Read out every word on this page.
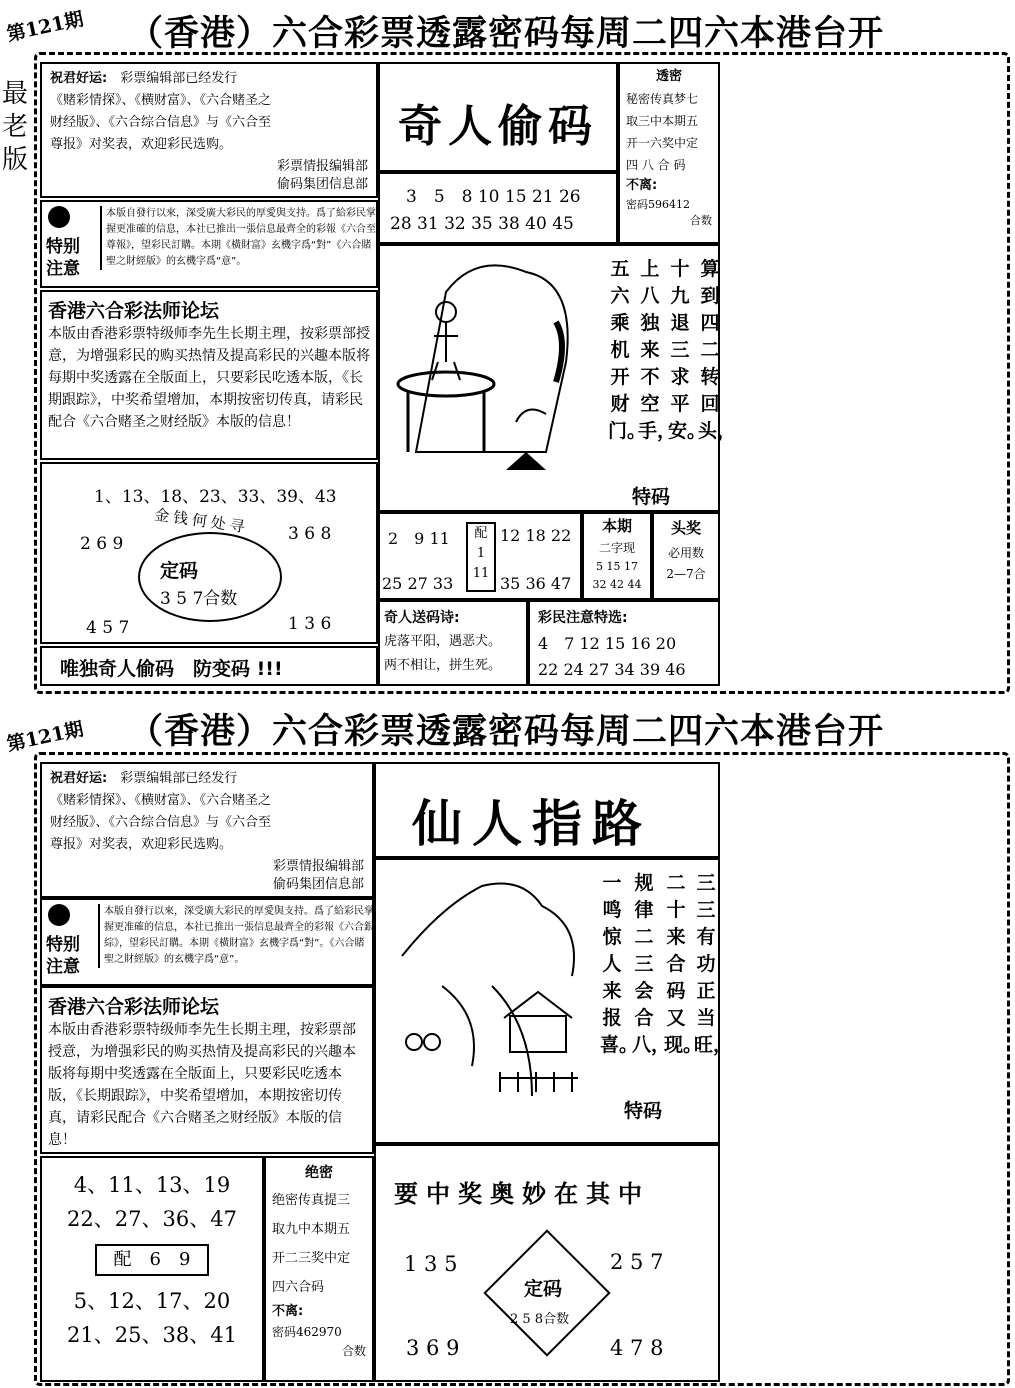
第121期 （香港）六合彩票透露密码每周二四六本港台开
最老版
祝君好运:　 彩票编辑部已经发行
《赌彩情探》、《横财富》、《六合赌圣之
财经版》、《六合综合信息》与《六合至
尊报》对奖表，欢迎彩民选购。
彩票情报编辑部
偷码集团信息部
特别注意
本版自發行以來，深受廣大彩民的厚愛與支持。爲了給彩民掌握更准確的信息，本社已推出一張信息最齊全的彩報《六合至尊報》，望彩民訂購。本期《橫財富》玄機字爲“對”《六合賭聖之財經版》的玄機字爲“意”。
香港六合彩法师论坛
本版由香港彩票特级师李先生长期主理，按彩票部授意，为增强彩民的购买热情及提高彩民的兴趣本版将每期中奖透露在全版面上，只要彩民吃透本版，《长期跟踪》，中奖希望增加，本期按密切传真，请彩民配合《六合赌圣之财经版》本版的信息！
1、13、18、23、33、39、43
金钱何处寻
2 6 9	3 6 8
定码
3 5 7合数
4 5 7	1 3 6
唯独奇人偷码　防变码 !!!
奇人偷码
3　5　8 10 15 21 26
28 31 32 35 38 40 45
透密
秘密传真梦七
取三中本期五
开一六奖中定
四 八 合 码
不离:
密码596412
合数
算到四二转回头，
十九退三求平安。
上八独来不空手，
五六乘机开财门。
特码
2　9 11
25 27 33
配
1
11
12 18 22
35 36 47
本期
二字现
5 15 17
32 42 44
头奖
必用数
2—7合
奇人送码诗:
虎落平阳，遇恶犬。
两不相让，拼生死。
彩民注意特选:
4　7 12 15 16 20
22 24 27 34 39 46
第121期 （香港）六合彩票透露密码每周二四六本港台开
祝君好运:　 彩票编辑部已经发行
《赌彩情探》、《横财富》、《六合赌圣之
财经版》、《六合综合信息》与《六合至
尊报》对奖表，欢迎彩民选购。
彩票情报编辑部
偷码集团信息部
特别注意
本版自發行以來，深受廣大彩民的厚愛與支持。爲了給彩民掌握更准確的信息，本社已推出一張信息最齊全的彩報《六合銀綜》，望彩民訂購。本期《橫財富》玄機字爲“對”。《六合賭聖之財經版》的玄機字爲“意”。
香港六合彩法师论坛
本版由香港彩票特级师李先生长期主理，按彩票部授意，为增强彩民的购买热情及提高彩民的兴趣本版将每期中奖透露在全版面上，只要彩民吃透本版，《长期跟踪》，中奖希望增加，本期按密切传真，请彩民配合《六合赌圣之财经版》本版的信息！
4、11、13、19
22、27、36、47
配　6　9
5、12、17、20
21、25、38、41
绝密
绝密传真提三
取九中本期五
开二三奖中定
四六合码
不离:
密码462970
合数
仙人指路
三三有功正当旺，
二十来合码又现。
规律二三会合八，
一鸣惊人来报喜。
特码
要中奖奥妙在其中
1 3 5	2 5 7
定码
2 5 8合数
3 6 9	4 7 8
